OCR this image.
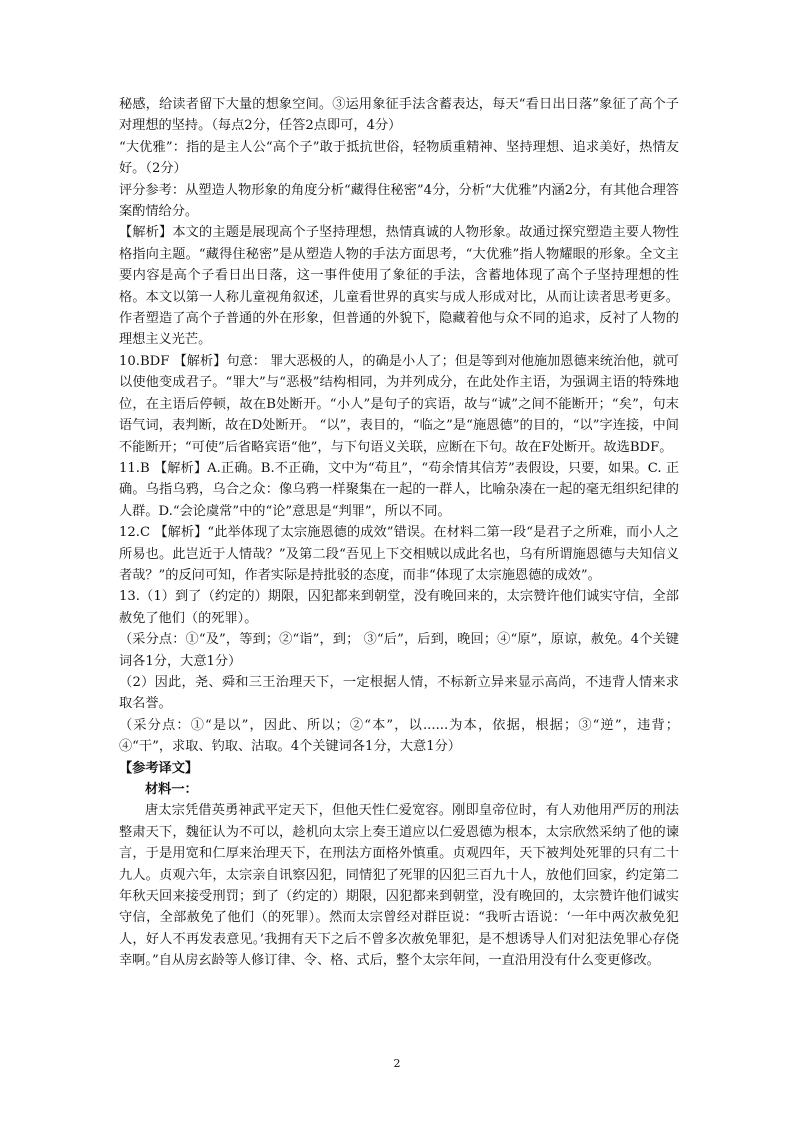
秘感，给读者留下大量的想象空间。③运用象征手法含蓄表达，每天“看日出日落”象征了高个子对理想的坚持。（每点2分，任答2点即可，4分）

“大优雅”：指的是主人公“高个子”敢于抵抗世俗，轻物质重精神、坚持理想、追求美好，热情友好。（2分）

评分参考：从塑造人物形象的角度分析“藏得住秘密”4分，分析“大优雅”内涵2分，有其他合理答案酌情给分。

【解析】本文的主题是展现高个子坚持理想，热情真诚的人物形象。故通过探究塑造主要人物性格指向主题。“藏得住秘密”是从塑造人物的手法方面思考，“大优雅”指人物耀眼的形象。全文主要内容是高个子看日出日落，这一事件使用了象征的手法，含蓄地体现了高个子坚持理想的性格。本文以第一人称儿童视角叙述，儿童看世界的真实与成人形成对比，从而让读者思考更多。作者塑造了高个子普通的外在形象，但普通的外貌下，隐藏着他与众不同的追求，反衬了人物的理想主义光芒。

10.BDF 【解析】句意： 罪大恶极的人，的确是小人了；但是等到对他施加恩德来统治他，就可以使他变成君子。“罪大”与“恶极”结构相同，为并列成分，在此处作主语，为强调主语的特殊地位，在主语后停顿，故在B处断开。“小人”是句子的宾语，故与“诚”之间不能断开；“矣”，句末语气词，表判断，故在D处断开。 “以”，表目的，“临之”是“施恩德”的目的，“以”字连接，中间不能断开；“可使”后省略宾语“他”，与下句语义关联，应断在下句。故在F处断开。故选BDF。

11.B 【解析】A.正确。B.不正确，文中为“苟且”，“苟余情其信芳”表假设，只要，如果。C. 正确。乌指乌鸦，乌合之众：像乌鸦一样聚集在一起的一群人，比喻杂凑在一起的毫无组织纪律的人群。D.“会论虞常”中的“论”意思是“判罪”，所以不同。

12.C 【解析】“此举体现了太宗施恩德的成效”错误。在材料二第一段“是君子之所难，而小人之所易也。此岂近于人情哉？”及第二段“吾见上下交相贼以成此名也，乌有所谓施恩德与夫知信义者哉？”的反问可知，作者实际是持批驳的态度，而非“体现了太宗施恩德的成效”。

13.（1）到了（约定的）期限，囚犯都来到朝堂，没有晚回来的，太宗赞许他们诚实守信，全部赦免了他们（的死罪）。

（采分点：①“及”，等到；②“诣”，到； ③“后”，后到，晚回；④“原”，原谅，赦免。4个关键词各1分，大意1分）

（2）因此，尧、舜和三王治理天下，一定根据人情，不标新立异来显示高尚，不违背人情来求取名誉。

（采分点：①“是以”，因此、所以；②“本”，以......为本，依据，根据；③“逆”，违背；④“干”，求取、钓取、沽取。4个关键词各1分，大意1分）

【参考译文】

材料一：

唐太宗凭借英勇神武平定天下，但他天性仁爱宽容。刚即皇帝位时，有人劝他用严厉的刑法整肃天下，魏征认为不可以，趁机向太宗上奏王道应以仁爱恩德为根本，太宗欣然采纳了他的谏言，于是用宽和仁厚来治理天下，在刑法方面格外慎重。贞观四年，天下被判处死罪的只有二十九人。贞观六年，太宗亲自讯察囚犯，同情犯了死罪的囚犯三百九十人，放他们回家，约定第二年秋天回来接受刑罚；到了（约定的）期限，囚犯都来到朝堂，没有晚回的，太宗赞许他们诚实守信，全部赦免了他们（的死罪）。然而太宗曾经对群臣说：“我听古语说：‘一年中两次赦免犯人，好人不再发表意见。’我拥有天下之后不曾多次赦免罪犯，是不想诱导人们对犯法免罪心存侥幸啊。”自从房玄龄等人修订律、令、格、式后，整个太宗年间，一直沿用没有什么变更修改。

2
